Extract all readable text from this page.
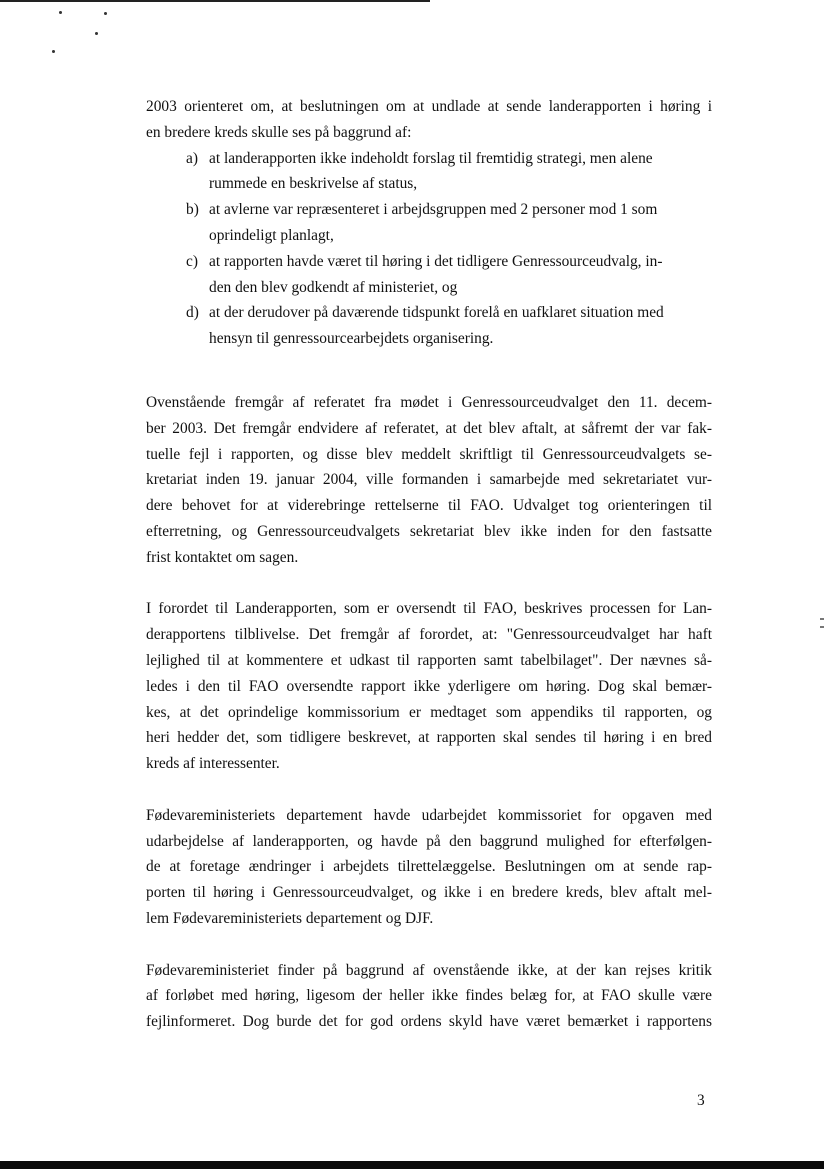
2003 orienteret om, at beslutningen om at undlade at sende landerapporten i høring i
en bredere kreds skulle ses på baggrund af:
a) at landerapporten ikke indeholdt forslag til fremtidig strategi, men alene
rummede en beskrivelse af status,
b) at avlerne var repræsenteret i arbejdsgruppen med 2 personer mod 1 som
oprindeligt planlagt,
c) at rapporten havde været til høring i det tidligere Genressourceudvalg, in-
den den blev godkendt af ministeriet, og
d) at der derudover på daværende tidspunkt forelå en uafklaret situation med
hensyn til genressourcearbejdets organisering.
Ovenstående fremgår af referatet fra mødet i Genressourceudvalget den 11. decem-
ber 2003. Det fremgår endvidere af referatet, at det blev aftalt, at såfremt der var fak-
tuelle fejl i rapporten, og disse blev meddelt skriftligt til Genressourceudvalgets se-
kretariat inden 19. januar 2004, ville formanden i samarbejde med sekretariatet vur-
dere behovet for at viderebringe rettelserne til FAO. Udvalget tog orienteringen til
efterretning, og Genressourceudvalgets sekretariat blev ikke inden for den fastsatte
frist kontaktet om sagen.
I forordet til Landerapporten, som er oversendt til FAO, beskrives processen for Lan-
derapportens tilblivelse. Det fremgår af forordet, at: "Genressourceudvalget har haft
lejlighed til at kommentere et udkast til rapporten samt tabelbilaget". Der nævnes så-
ledes i den til FAO oversendte rapport ikke yderligere om høring. Dog skal bemær-
kes, at det oprindelige kommissorium er medtaget som appendiks til rapporten, og
heri hedder det, som tidligere beskrevet, at rapporten skal sendes til høring i en bred
kreds af interessenter.
Fødevareministeriets departement havde udarbejdet kommissoriet for opgaven med
udarbejdelse af landerapporten, og havde på den baggrund mulighed for efterfølgen-
de at foretage ændringer i arbejdets tilrettelæggelse. Beslutningen om at sende rap-
porten til høring i Genressourceudvalget, og ikke i en bredere kreds, blev aftalt mel-
lem Fødevareministeriets departement og DJF.
Fødevareministeriet finder på baggrund af ovenstående ikke, at der kan rejses kritik
af forløbet med høring, ligesom der heller ikke findes belæg for, at FAO skulle være
fejlinformeret. Dog burde det for god ordens skyld have været bemærket i rapportens
3
